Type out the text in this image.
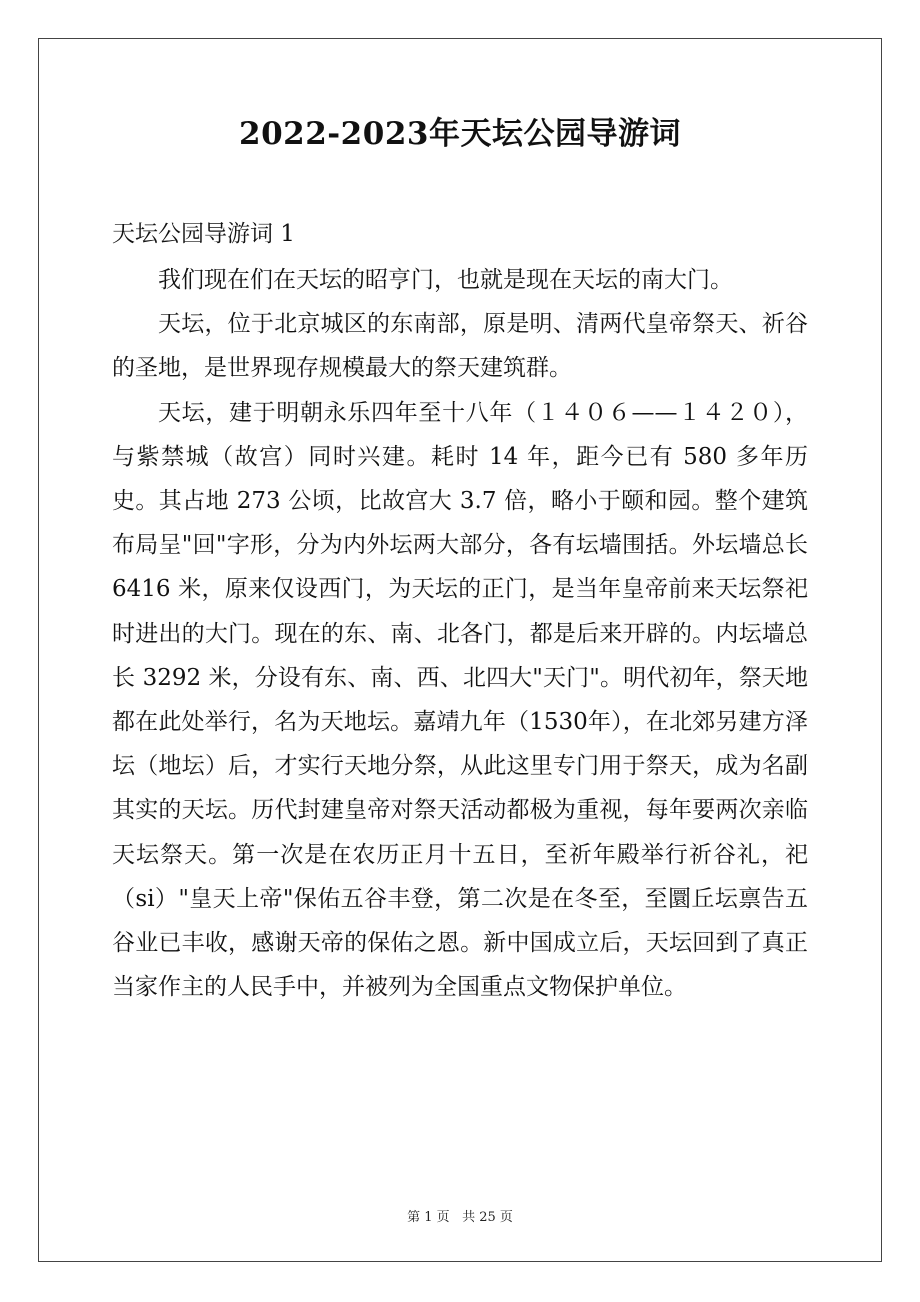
2022-2023年天坛公园导游词
天坛公园导游词 1

我们现在们在天坛的昭亨门，也就是现在天坛的南大门。

天坛，位于北京城区的东南部，原是明、清两代皇帝祭天、祈谷的圣地，是世界现存规模最大的祭天建筑群。

天坛，建于明朝永乐四年至十八年（１４０６——１４２０），与紫禁城（故宫）同时兴建。耗时 14 年，距今已有 580 多年历史。其占地 273 公顷，比故宫大 3.7 倍，略小于颐和园。整个建筑布局呈"回"字形，分为内外坛两大部分，各有坛墙围括。外坛墙总长 6416 米，原来仅设西门，为天坛的正门，是当年皇帝前来天坛祭祀时进出的大门。现在的东、南、北各门，都是后来开辟的。内坛墙总长 3292 米，分设有东、南、西、北四大"天门"。明代初年，祭天地都在此处举行，名为天地坛。嘉靖九年（1530年），在北郊另建方泽坛（地坛）后，才实行天地分祭，从此这里专门用于祭天，成为名副其实的天坛。历代封建皇帝对祭天活动都极为重视，每年要两次亲临天坛祭天。第一次是在农历正月十五日，至祈年殿举行祈谷礼，祀（si）"皇天上帝"保佑五谷丰登，第二次是在冬至，至圜丘坛禀告五谷业已丰收，感谢天帝的保佑之恩。新中国成立后，天坛回到了真正当家作主的人民手中，并被列为全国重点文物保护单位。

第 1 页 共 25 页
